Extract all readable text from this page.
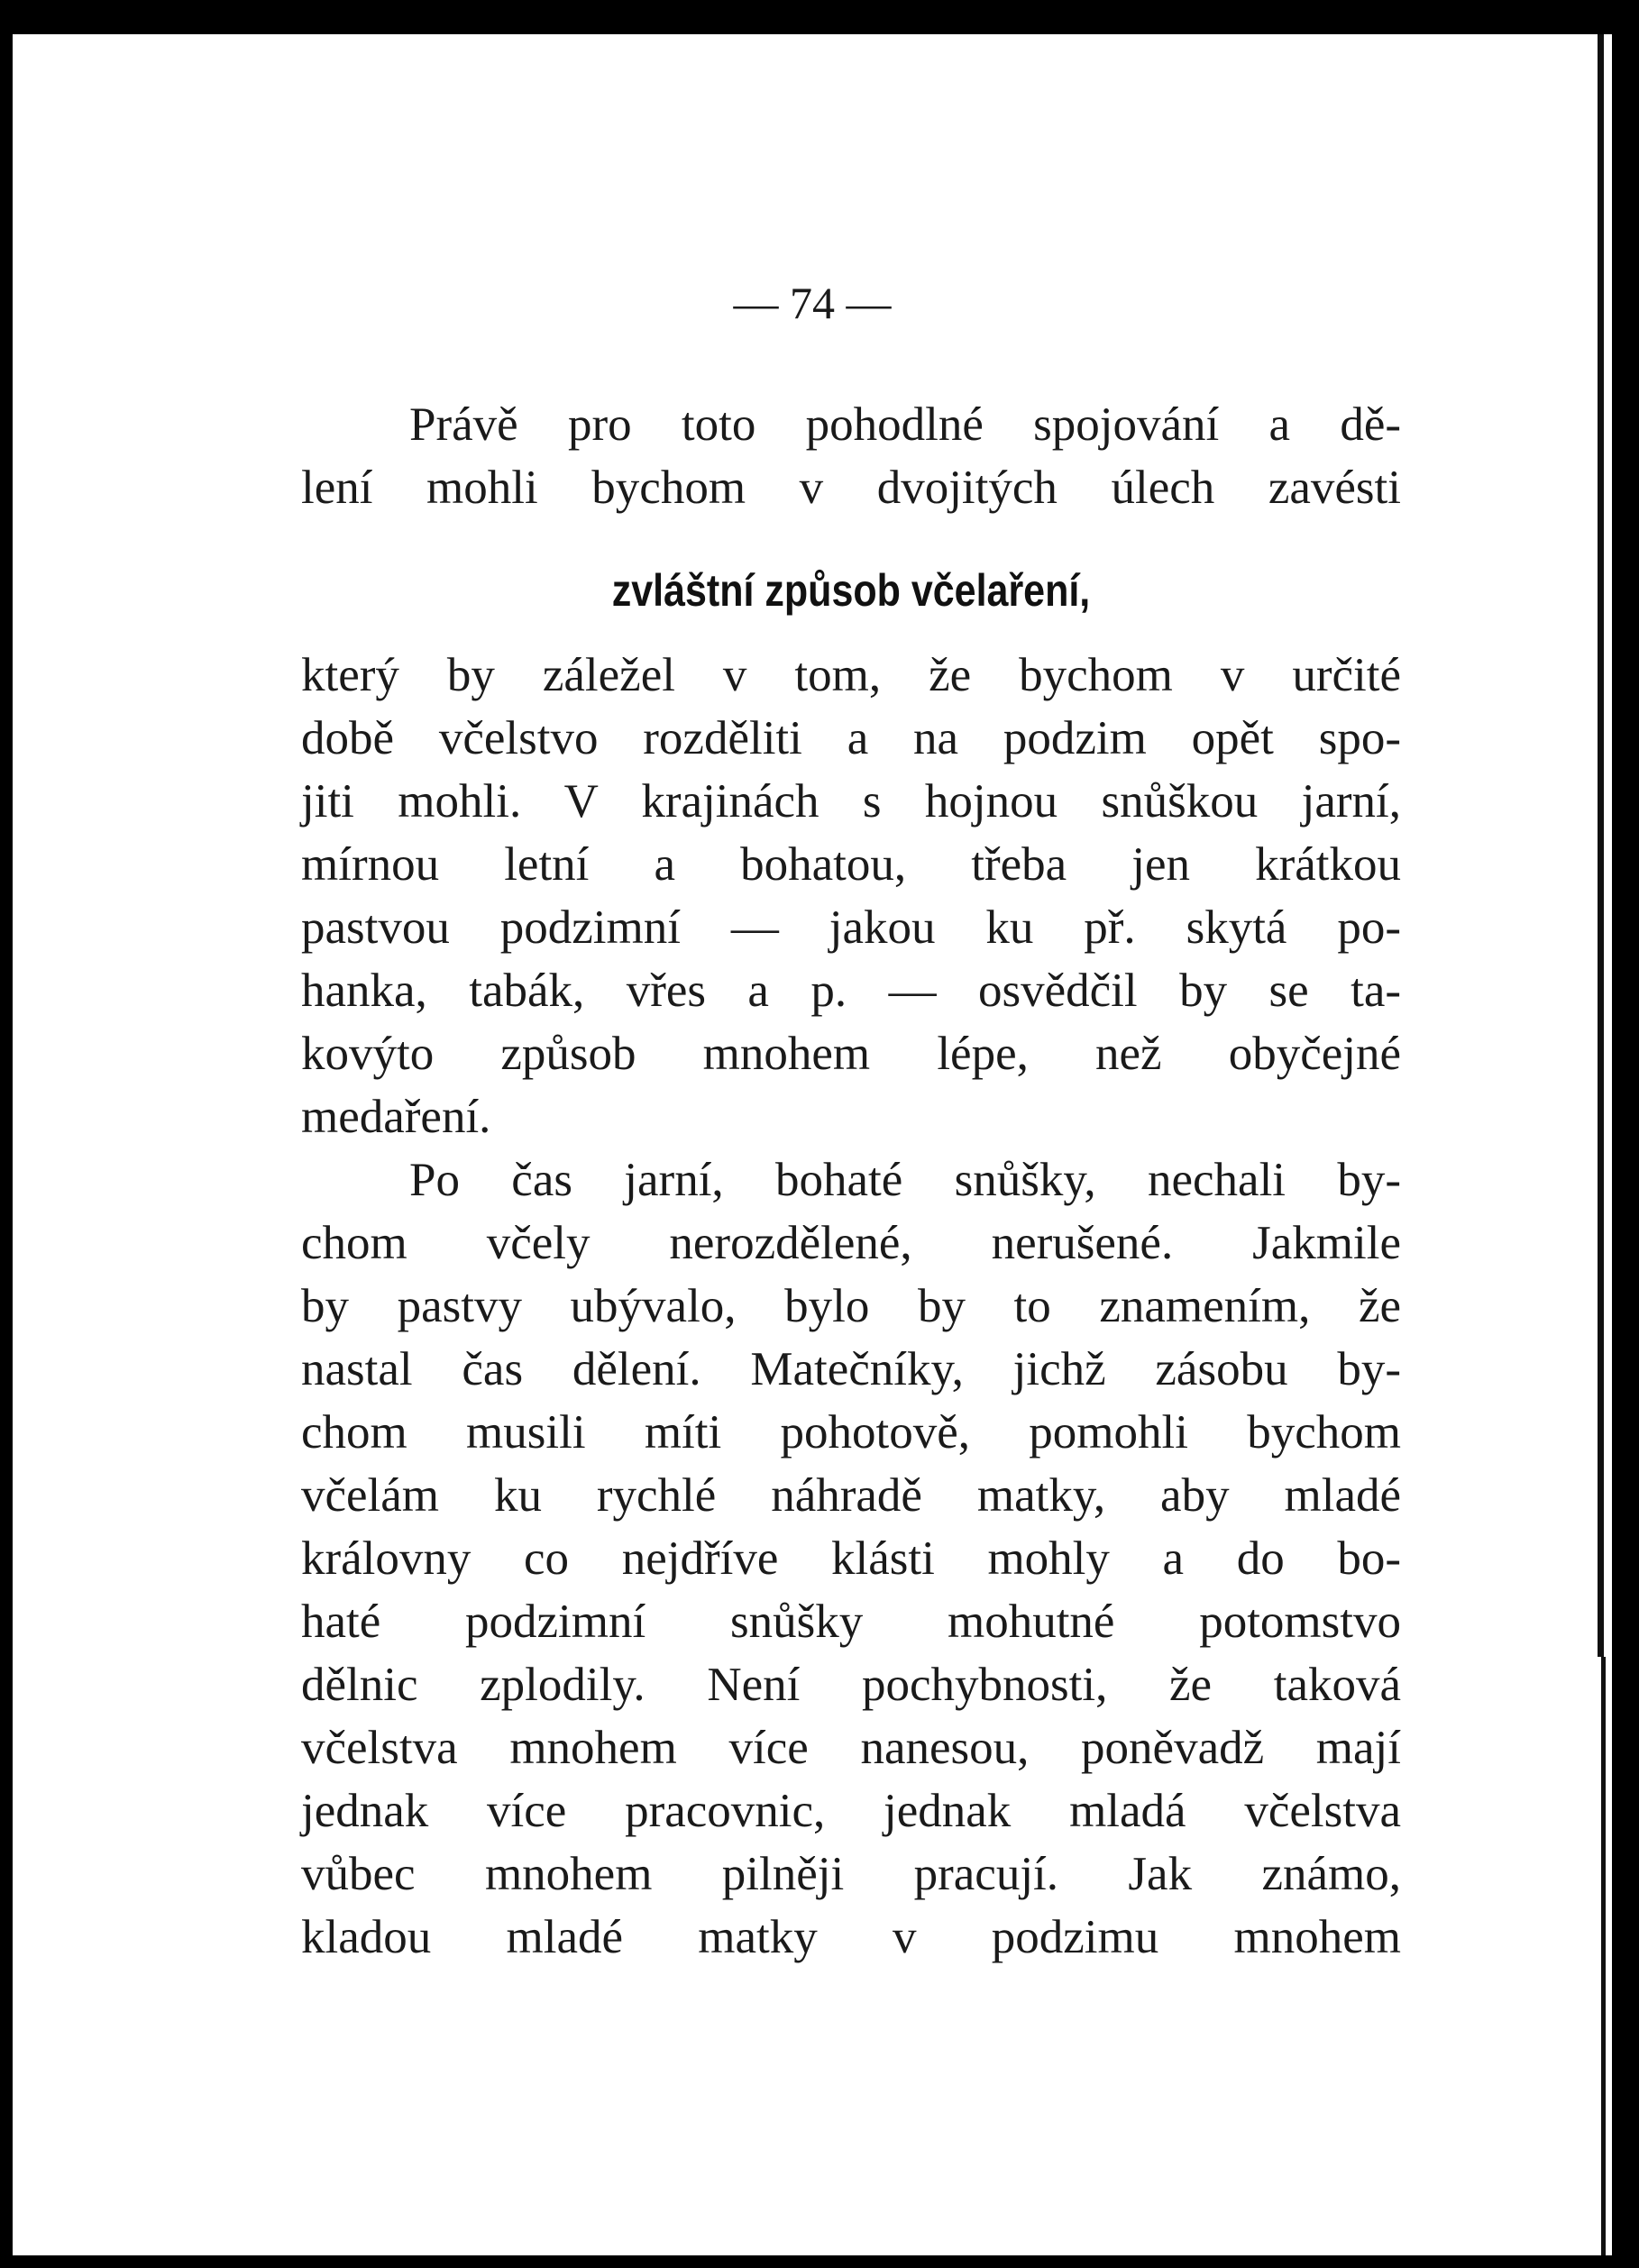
— 74 —
Právě pro toto pohodlné spojování a dě-
lení mohli bychom v dvojitých úlech zavésti
zvláštní způsob včelaření,
který by záležel v tom, že bychom v určité
době včelstvo rozděliti a na podzim opět spo-
jiti mohli. V krajinách s hojnou snůškou jarní,
mírnou letní a bohatou, třeba jen krátkou
pastvou podzimní — jakou ku př. skytá po-
hanka, tabák, vřes a p. — osvědčil by se ta-
kovýto způsob mnohem lépe, než obyčejné
medaření.
Po čas jarní, bohaté snůšky, nechali by-
chom včely nerozdělené, nerušené. Jakmile
by pastvy ubývalo, bylo by to znamením, že
nastal čas dělení. Matečníky, jichž zásobu by-
chom musili míti pohotově, pomohli bychom
včelám ku rychlé náhradě matky, aby mladé
královny co nejdříve klásti mohly a do bo-
haté podzimní snůšky mohutné potomstvo
dělnic zplodily. Není pochybnosti, že taková
včelstva mnohem více nanesou, poněvadž mají
jednak více pracovnic, jednak mladá včelstva
vůbec mnohem pilněji pracují. Jak známo,
kladou mladé matky v podzimu mnohem
